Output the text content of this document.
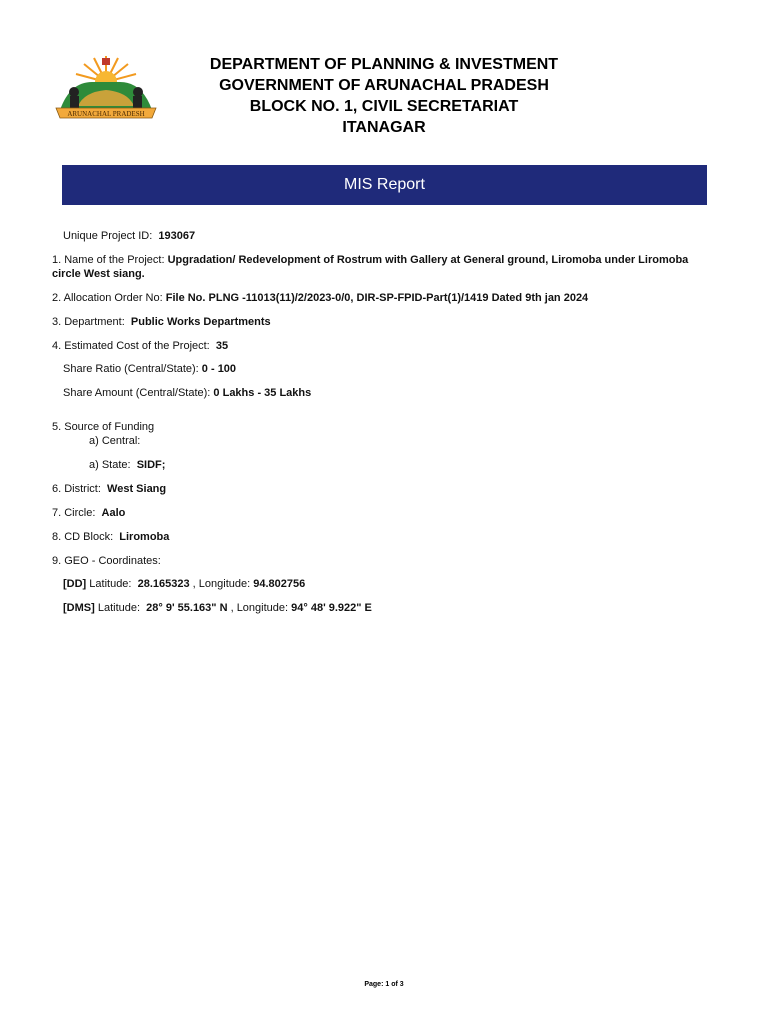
ARUNACHAL PRADESH
DEPARTMENT OF PLANNING & INVESTMENT
GOVERNMENT OF ARUNACHAL PRADESH
BLOCK NO. 1, CIVIL SECRETARIAT
ITANAGAR
MIS Report
Unique Project ID: 193067
1. Name of the Project: Upgradation/ Redevelopment of Rostrum with Gallery at General ground, Liromoba under Liromoba circle West siang.
2. Allocation Order No: File No. PLNG -11013(11)/2/2023-0/0, DIR-SP-FPID-Part(1)/1419 Dated 9th jan 2024
3. Department: Public Works Departments
4. Estimated Cost of the Project: 35
Share Ratio (Central/State): 0 - 100
Share Amount (Central/State): 0 Lakhs - 35 Lakhs
5. Source of Funding
a) Central:
a) State: SIDF;
6. District: West Siang
7. Circle: Aalo
8. CD Block: Liromoba
9. GEO - Coordinates:
[DD] Latitude: 28.165323 , Longitude: 94.802756
[DMS] Latitude: 28° 9' 55.163" N , Longitude: 94° 48' 9.922" E
Page: 1 of 3
